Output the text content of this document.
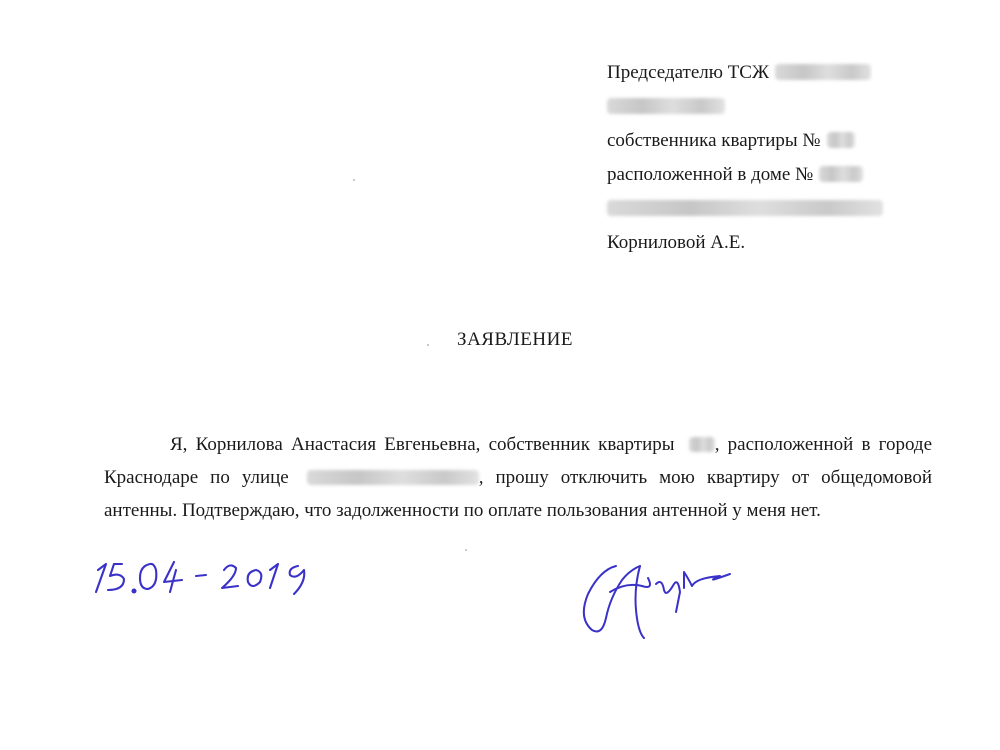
Председателю ТСЖ
собственника квартиры №
расположенной в доме №
Корниловой А.Е.
ЗАЯВЛЕНИЕ
Я, Корнилова Анастасия Евгеньевна, собственник квартиры , расположенной в городе
Краснодаре по улице	, прошу отключить мою квартиру от общедомовой
антенны. Подтверждаю, что задолженности по оплате пользования антенной у меня нет.
